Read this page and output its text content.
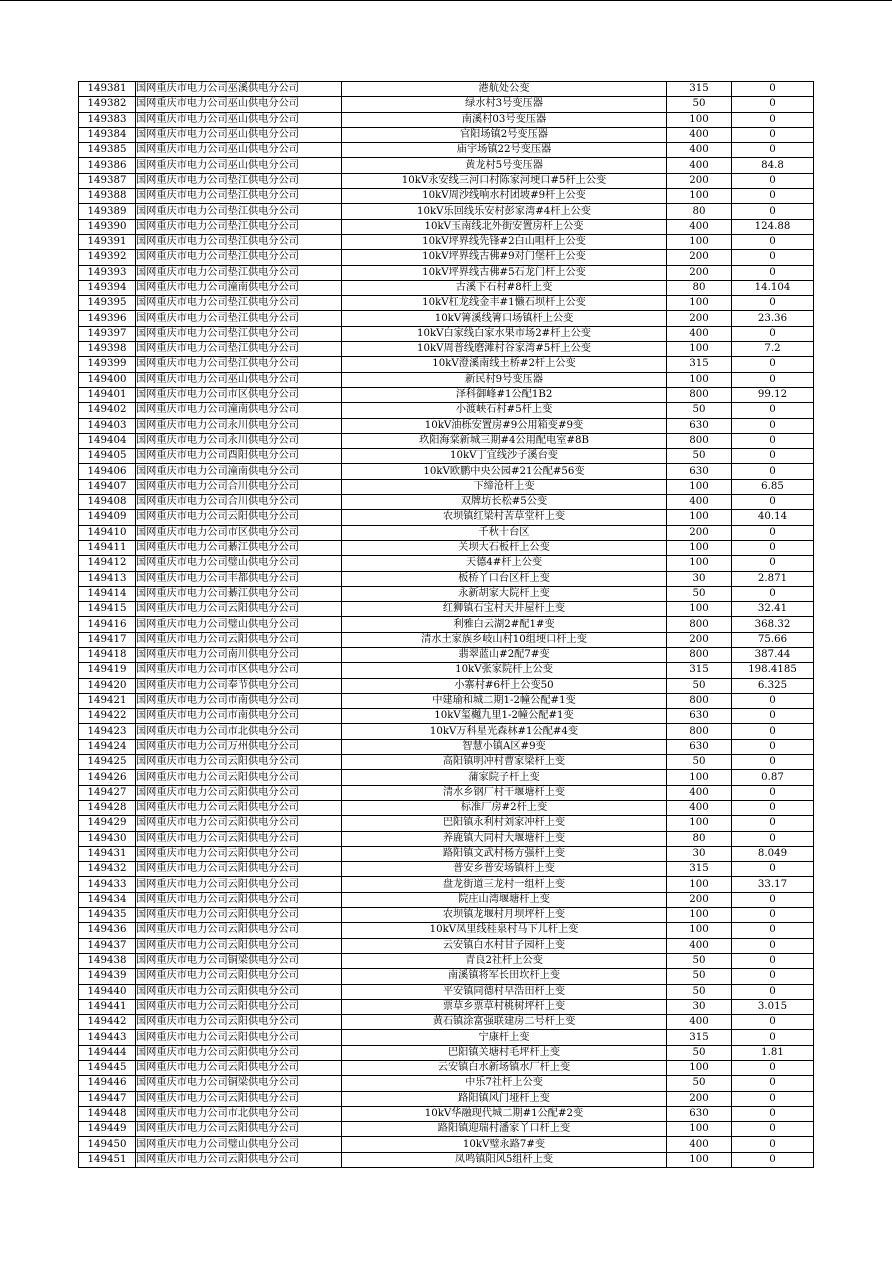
149381	国网重庆市电力公司巫溪供电分公司	港航处公变	315	0
149382	国网重庆市电力公司巫山供电分公司	绿水村3号变压器	50	0
149383	国网重庆市电力公司巫山供电分公司	南溪村03号变压器	100	0
149384	国网重庆市电力公司巫山供电分公司	官阳场镇2号变压器	400	0
149385	国网重庆市电力公司巫山供电分公司	庙宇场镇22号变压器	400	0
149386	国网重庆市电力公司巫山供电分公司	黄龙村5号变压器	400	84.8
149387	国网重庆市电力公司垫江供电分公司	10kV永安线三河口村陈家河埂口#5杆上公变	200	0
149388	国网重庆市电力公司垫江供电分公司	10kV周沙线响水村团坡#9杆上公变	100	0
149389	国网重庆市电力公司垫江供电分公司	10kV乐回线乐安村彭家湾#4杆上公变	80	0
149390	国网重庆市电力公司垫江供电分公司	10kV玉南线北外街安置房杆上公变	400	124.88
149391	国网重庆市电力公司垫江供电分公司	10kV坪界线先锋#2白山咀杆上公变	100	0
149392	国网重庆市电力公司垫江供电分公司	10kV坪界线古佛#9对门堡杆上公变	200	0
149393	国网重庆市电力公司垫江供电分公司	10kV坪界线古佛#5石龙门杆上公变	200	0
149394	国网重庆市电力公司潼南供电分公司	古溪下石村#8杆上变	80	14.104
149395	国网重庆市电力公司垫江供电分公司	10kV杠龙线金丰#1懒石坝杆上公变	100	0
149396	国网重庆市电力公司垫江供电分公司	10kV箐溪线箐口场镇杆上公变	200	23.36
149397	国网重庆市电力公司垫江供电分公司	10kV白家线白家水果市场2#杆上公变	400	0
149398	国网重庆市电力公司垫江供电分公司	10kV周普线磨滩村谷家湾#5杆上公变	100	7.2
149399	国网重庆市电力公司垫江供电分公司	10kV澄溪南线土桥#2杆上公变	315	0
149400	国网重庆市电力公司巫山供电分公司	新民村9号变压器	100	0
149401	国网重庆市电力公司市区供电分公司	泽科御峰#1公配1B2	800	99.12
149402	国网重庆市电力公司潼南供电分公司	小渡峡石村#5杆上变	50	0
149403	国网重庆市电力公司永川供电分公司	10kV油栎安置房#9公用箱变#9变	630	0
149404	国网重庆市电力公司永川供电分公司	玖阳海棠新城三期#4公用配电室#8B	800	0
149405	国网重庆市电力公司酉阳供电分公司	10kV丁宜线沙子溪台变	50	0
149406	国网重庆市电力公司潼南供电分公司	10kV欧鹏中央公园#21公配#56变	630	0
149407	国网重庆市电力公司合川供电分公司	下缔沧杆上变	100	6.85
149408	国网重庆市电力公司合川供电分公司	双牌坊长松#5公变	400	0
149409	国网重庆市电力公司云阳供电分公司	农坝镇红梁村苦草堂杆上变	100	40.14
149410	国网重庆市电力公司市区供电分公司	千秋十台区	200	0
149411	国网重庆市电力公司綦江供电分公司	关坝大石板杆上公变	100	0
149412	国网重庆市电力公司璧山供电分公司	天德4#杆上公变	100	0
149413	国网重庆市电力公司丰都供电分公司	板桥丫口台区杆上变	30	2.871
149414	国网重庆市电力公司綦江供电分公司	永新胡家大院杆上变	50	0
149415	国网重庆市电力公司云阳供电分公司	红狮镇石宝村天井屋杆上变	100	32.41
149416	国网重庆市电力公司璧山供电分公司	利雅白云湖2#配1#变	800	368.32
149417	国网重庆市电力公司云阳供电分公司	清水土家族乡岐山村10组埂口杆上变	200	75.66
149418	国网重庆市电力公司南川供电分公司	翡翠蓝山#2配7#变	800	387.44
149419	国网重庆市电力公司市区供电分公司	10kV张家院杆上公变	315	198.4185
149420	国网重庆市电力公司奉节供电分公司	小寨村#6杆上公变50	50	6.325
149421	国网重庆市电力公司市南供电分公司	中建瑜和城二期1-2幢公配#1变	800	0
149422	国网重庆市电力公司市南供电分公司	10kV玺樾九里1-2幢公配#1变	630	0
149423	国网重庆市电力公司市北供电分公司	10kV万科星光森林#1公配#4变	800	0
149424	国网重庆市电力公司万州供电分公司	智慧小镇A区#9变	630	0
149425	国网重庆市电力公司云阳供电分公司	高阳镇明冲村曹家梁杆上变	50	0
149426	国网重庆市电力公司云阳供电分公司	蒲家院子杆上变	100	0.87
149427	国网重庆市电力公司云阳供电分公司	清水乡钢厂村干堰塘杆上变	400	0
149428	国网重庆市电力公司云阳供电分公司	标准厂房#2杆上变	400	0
149429	国网重庆市电力公司云阳供电分公司	巴阳镇永利村刘家冲杆上变	100	0
149430	国网重庆市电力公司云阳供电分公司	养鹿镇大同村大堰塘杆上变	80	0
149431	国网重庆市电力公司云阳供电分公司	路阳镇文武村杨方强杆上变	30	8.049
149432	国网重庆市电力公司云阳供电分公司	普安乡普安场镇杆上变	315	0
149433	国网重庆市电力公司云阳供电分公司	盘龙街道三龙村一组杆上变	100	33.17
149434	国网重庆市电力公司云阳供电分公司	院庄山湾堰塘杆上变	200	0
149435	国网重庆市电力公司云阳供电分公司	农坝镇龙堰村月坝坪杆上变	100	0
149436	国网重庆市电力公司云阳供电分公司	10kV凤里线桂泉村马下儿杆上变	100	0
149437	国网重庆市电力公司云阳供电分公司	云安镇白水村甘子园杆上变	400	0
149438	国网重庆市电力公司铜梁供电分公司	青良2社杆上公变	50	0
149439	国网重庆市电力公司云阳供电分公司	南溪镇将军长田坎杆上变	50	0
149440	国网重庆市电力公司云阳供电分公司	平安镇同德村早浩田杆上变	50	0
149441	国网重庆市电力公司云阳供电分公司	票草乡票草村桃树坪杆上变	30	3.015
149442	国网重庆市电力公司云阳供电分公司	黄石镇涂富强联建房二号杆上变	400	0
149443	国网重庆市电力公司云阳供电分公司	宁康杆上变	315	0
149444	国网重庆市电力公司云阳供电分公司	巴阳镇关塘村毛坪杆上变	50	1.81
149445	国网重庆市电力公司云阳供电分公司	云安镇白水新场镇水厂杆上变	100	0
149446	国网重庆市电力公司铜梁供电分公司	中乐7社杆上公变	50	0
149447	国网重庆市电力公司云阳供电分公司	路阳镇风门垭杆上变	200	0
149448	国网重庆市电力公司市北供电分公司	10kV华融现代城二期#1公配#2变	630	0
149449	国网重庆市电力公司云阳供电分公司	路阳镇迎瑞村潘家丫口杆上变	100	0
149450	国网重庆市电力公司璧山供电分公司	10kV璧永路7#变	400	0
149451	国网重庆市电力公司云阳供电分公司	凤鸣镇阳风5组杆上变	100	0
